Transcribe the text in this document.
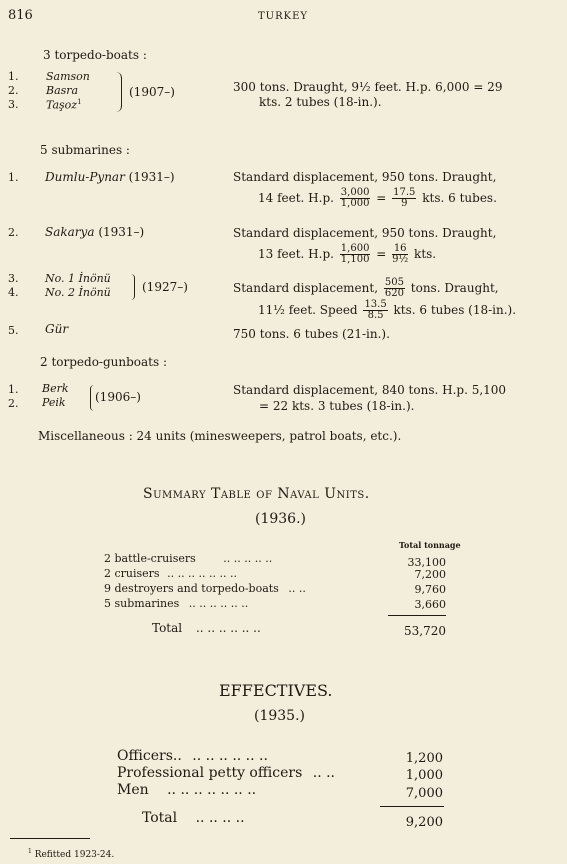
816	TURKEY
3 torpedo-boats :
1.	Samson
2.	Basra
3.	Taşoz$^1$
(1907–)	300 tons. Draught, 9½ feet. H.p. 6,000 = 29
kts. 2 tubes (18-in.).
5 submarines :
1. Dumlu-Pynar (1931–)	Standard displacement, 950 tons. Draught,
14 feet. H.p. $\frac{3,000}{1,000} = \frac{17.5}{9}$ kts. 6 tubes.
2. Sakarya (1931–)	Standard displacement, 950 tons. Draught,
13 feet. H.p. $\frac{1,600}{1,100} = \frac{16}{\text{9½}}$ kts.
3. No. 1 İnönü
4. No. 2 İnönü	(1927–)	Standard displacement, $\frac{505}{620}$ tons. Draught,
11½ feet. Speed $\frac{13.5}{8.5}$ kts. 6 tubes (18-in.).
5. Gür	750 tons. 6 tubes (21-in.).
2 torpedo-gunboats :
1. Berk
2. Peik (1906–)	Standard displacement, 840 tons. H.p. 5,100
= 22 kts. 3 tubes (18-in.).
Miscellaneous : 24 units (minesweepers, patrol boats, etc.).
Summary Table of Naval Units.
(1936.)
Total tonnage
2 battle-cruisers	.. .. .. .. ..	33,100
2 cruisers .. .. .. .. .. .. ..	7,200
9 destroyers and torpedo-boats .. ..	9,760
5 submarines .. .. .. .. .. ..	3,660
Total .. .. .. .. .. ..	53,720
EFFECTIVES.
(1935.)
Officers.. .. .. .. .. .. ..	1,200
Professional petty officers .. ..	1,000
Men .. .. .. .. .. .. ..	7,000
Total .. .. .. ..	9,200
$^1$ Refitted 1923-24.
